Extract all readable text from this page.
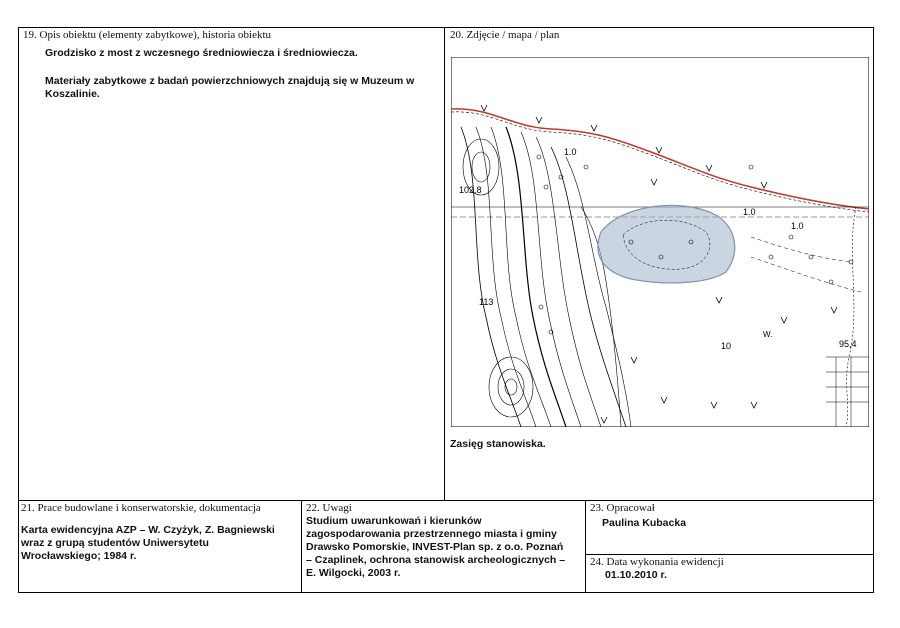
19. Opis obiektu (elementy zabytkowe), historia obiektu
Grodzisko z most z wczesnego średniowiecza i średniowiecza.
Materiały zabytkowe z badań powierzchniowych znajdują się w Muzeum w
Koszalinie.
20. Zdjęcie / mapa / plan
1.0
102.8
1.0
1.0
113
10
W.
95,4
Zasięg stanowiska.
21. Prace budowlane i konserwatorskie, dokumentacja
Karta ewidencyjna AZP – W. Czyżyk, Z. Bagniewski
wraz z grupą studentów Uniwersytetu
Wrocławskiego; 1984 r.
22. Uwagi
Studium uwarunkowań i kierunków
zagospodarowania przestrzennego miasta i gminy
Drawsko Pomorskie, INVEST-Plan sp. z o.o. Poznań
– Czaplinek, ochrona stanowisk archeologicznych –
E. Wilgocki, 2003 r.
23. Opracował
Paulina Kubacka
24. Data wykonania ewidencji
01.10.2010 r.
